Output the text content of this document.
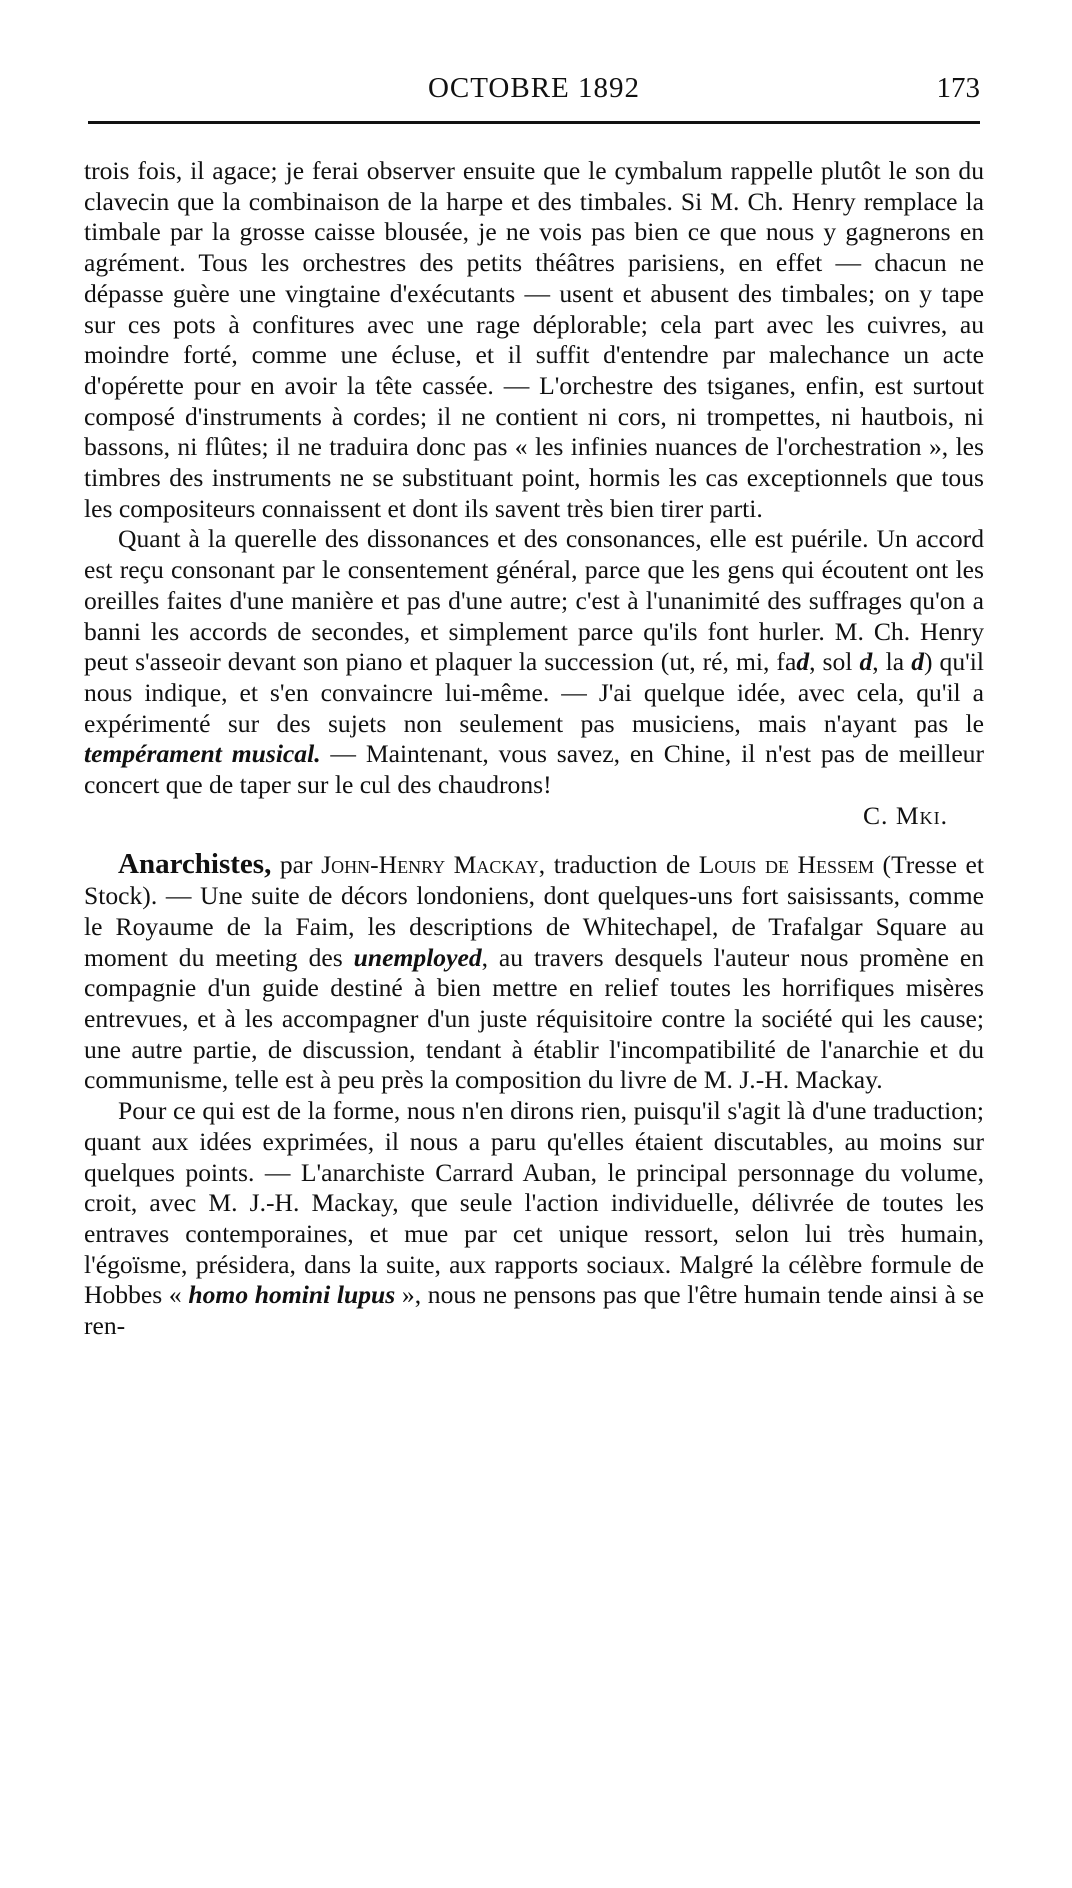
OCTOBRE 1892	173

trois fois, il agace; je ferai observer ensuite que le cymbalum rappelle plutôt le son du clavecin que la combinaison de la harpe et des timbales. Si M. Ch. Henry remplace la timbale par la grosse caisse blousée, je ne vois pas bien ce que nous y gagnerons en agrément. Tous les orchestres des petits théâtres parisiens, en effet — chacun ne dépasse guère une vingtaine d'exécutants — usent et abusent des timbales; on y tape sur ces pots à confitures avec une rage déplorable; cela part avec les cuivres, au moindre forté, comme une écluse, et il suffit d'entendre par malechance un acte d'opérette pour en avoir la tête cassée. — L'orchestre des tsiganes, enfin, est surtout composé d'instruments à cordes; il ne contient ni cors, ni trompettes, ni hautbois, ni bassons, ni flûtes; il ne traduira donc pas « les infinies nuances de l'orchestration », les timbres des instruments ne se substituant point, hormis les cas exceptionnels que tous les compositeurs connaissent et dont ils savent très bien tirer parti.

Quant à la querelle des dissonances et des consonances, elle est puérile. Un accord est reçu consonant par le consentement général, parce que les gens qui écoutent ont les oreilles faites d'une manière et pas d'une autre; c'est à l'unanimité des suffrages qu'on a banni les accords de secondes, et simplement parce qu'ils font hurler. M. Ch. Henry peut s'asseoir devant son piano et plaquer la succession (ut, ré, mi, fad, sol d, la d) qu'il nous indique, et s'en convaincre lui-même. — J'ai quelque idée, avec cela, qu'il a expérimenté sur des sujets non seulement pas musiciens, mais n'ayant pas le tempérament musical. — Maintenant, vous savez, en Chine, il n'est pas de meilleur concert que de taper sur le cul des chaudrons!

C. Mki.

Anarchistes, par John-Henry Mackay, traduction de Louis de Hessem (Tresse et Stock). — Une suite de décors londoniens, dont quelques-uns fort saisissants, comme le Royaume de la Faim, les descriptions de Whitechapel, de Trafalgar Square au moment du meeting des unemployed, au travers desquels l'auteur nous promène en compagnie d'un guide destiné à bien mettre en relief toutes les horrifiques misères entrevues, et à les accompagner d'un juste réquisitoire contre la société qui les cause; une autre partie, de discussion, tendant à établir l'incompatibilité de l'anarchie et du communisme, telle est à peu près la composition du livre de M. J.-H. Mackay.

Pour ce qui est de la forme, nous n'en dirons rien, puisqu'il s'agit là d'une traduction; quant aux idées exprimées, il nous a paru qu'elles étaient discutables, au moins sur quelques points. — L'anarchiste Carrard Auban, le principal personnage du volume, croit, avec M. J.-H. Mackay, que seule l'action individuelle, délivrée de toutes les entraves contemporaines, et mue par cet unique ressort, selon lui très humain, l'égoïsme, présidera, dans la suite, aux rapports sociaux. Malgré la célèbre formule de Hobbes « homo homini lupus », nous ne pensons pas que l'être humain tende ainsi à se ren-
